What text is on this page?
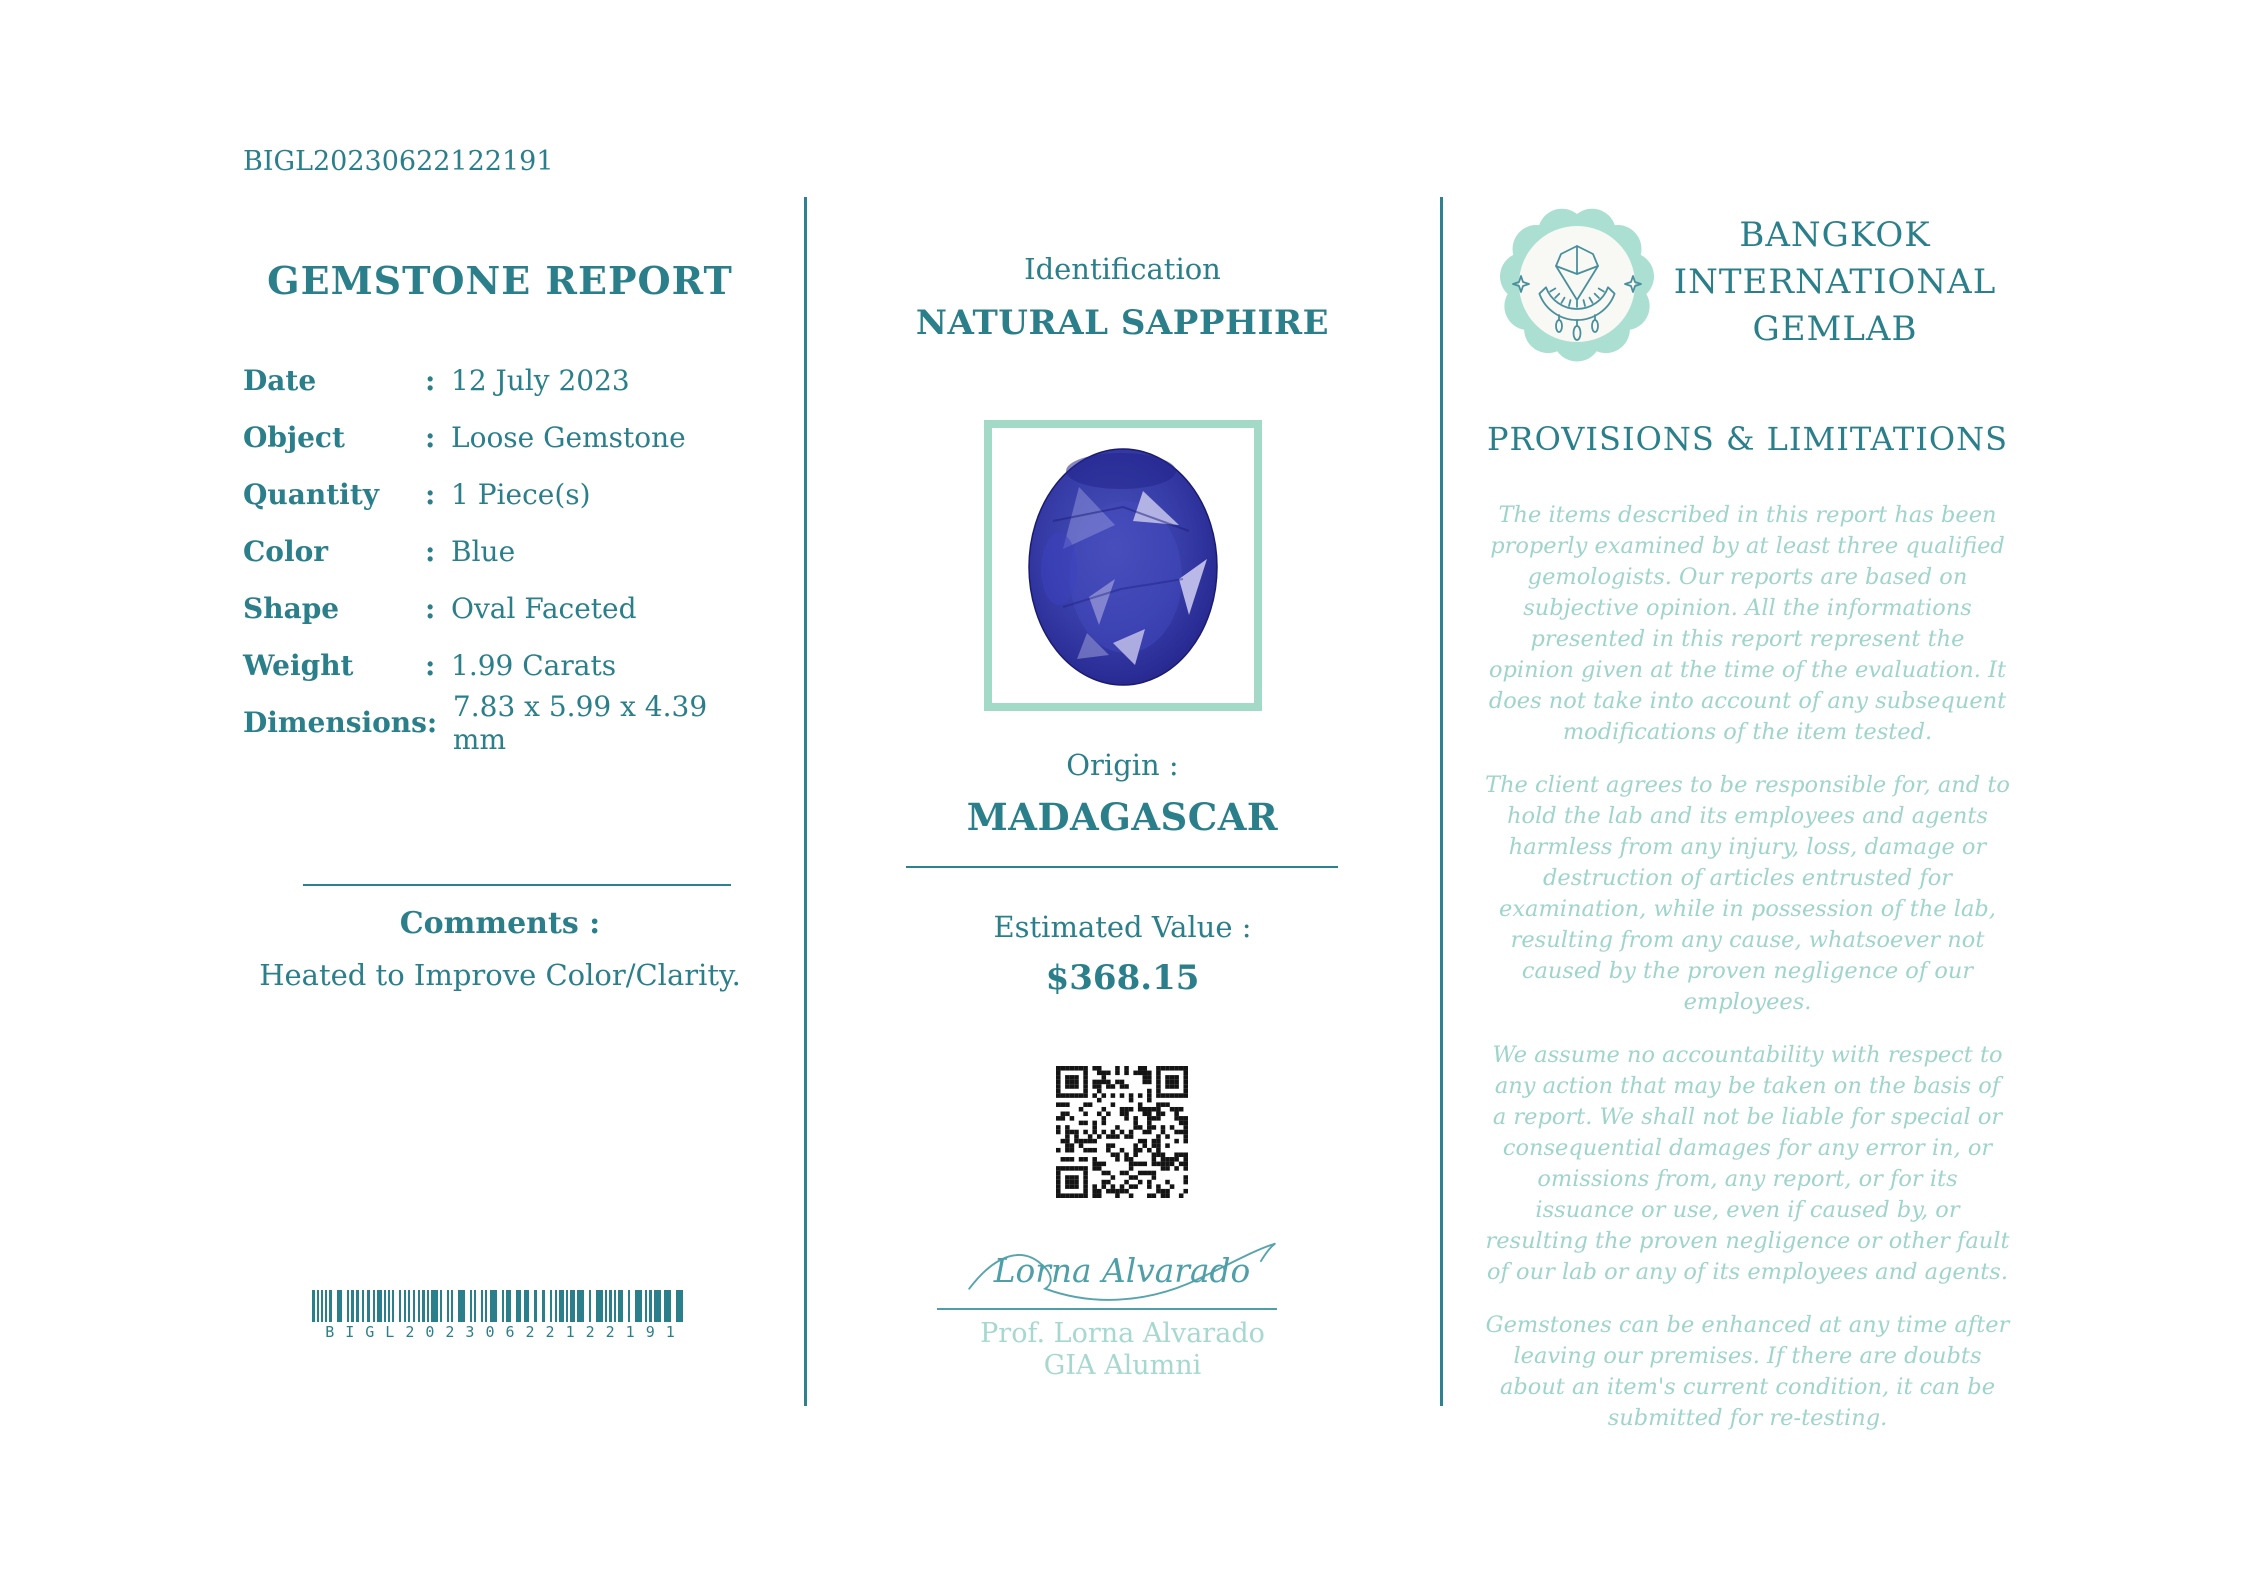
BIGL20230622122191
GEMSTONE REPORT
Date	: 12 July 2023
Object	: Loose Gemstone
Quantity	: 1 Piece(s)
Color	: Blue
Shape	: Oval Faceted
Weight	: 1.99 Carats
Dimensions : 7.83 x 5.99 x 4.39 mm
Comments :
Heated to Improve Color/Clarity.
BIGL20230622122191
Identification
NATURAL SAPPHIRE
Origin :
MADAGASCAR
Estimated Value :
$368.15
Lorna Alvarado
Prof. Lorna Alvarado
GIA Alumni
BANGKOK
INTERNATIONAL
GEMLAB
PROVISIONS & LIMITATIONS

The items described in this report has been properly examined by at least three qualified gemologists. Our reports are based on subjective opinion. All the informations presented in this report represent the opinion given at the time of the evaluation. It does not take into account of any subsequent modifications of the item tested.

The client agrees to be responsible for, and to hold the lab and its employees and agents harmless from any injury, loss, damage or destruction of articles entrusted for examination, while in possession of the lab, resulting from any cause, whatsoever not caused by the proven negligence of our employees.

We assume no accountability with respect to any action that may be taken on the basis of a report. We shall not be liable for special or consequential damages for any error in, or omissions from, any report, or for its issuance or use, even if caused by, or resulting the proven negligence or other fault of our lab or any of its employees and agents.

Gemstones can be enhanced at any time after leaving our premises. If there are doubts about an item's current condition, it can be submitted for re-testing.
